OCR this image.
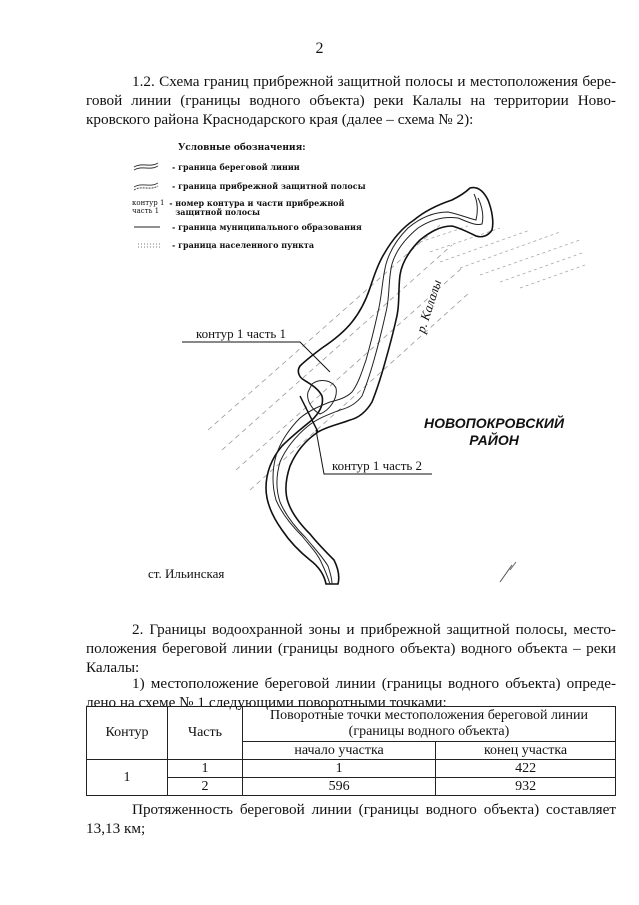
2
1.2. Схема границ прибрежной защитной полосы и местоположения бере-
говой линии (границы водного объекта) реки Калалы на территории Ново-
кровского района Краснодарского края (далее – схема № 2):
Условные обозначения:
- граница береговой линии
- граница прибрежной защитной полосы
контур 1
часть 1 - номер контура и части прибрежной
защитной полосы
- граница муниципального образования
- граница населенного пункта
контур 1 часть 1
контур 1 часть 2
р. Калалы
НОВОПОКРОВСКИЙ
РАЙОН
ст. Ильинская
2. Границы водоохранной зоны и прибрежной защитной полосы, место-
положения береговой линии (границы водного объекта) водного объекта – реки
Калалы:
1) местоположение береговой линии (границы водного объекта) опреде-
лено на схеме № 1 следующими поворотными точками:
Контур	Часть	Поворотные точки местоположения береговой линии
(границы водного объекта)	
		начало участка	конец участка
1	1	1	422
	2	596	932
Протяженность береговой линии (границы водного объекта) составляет
13,13 км;
